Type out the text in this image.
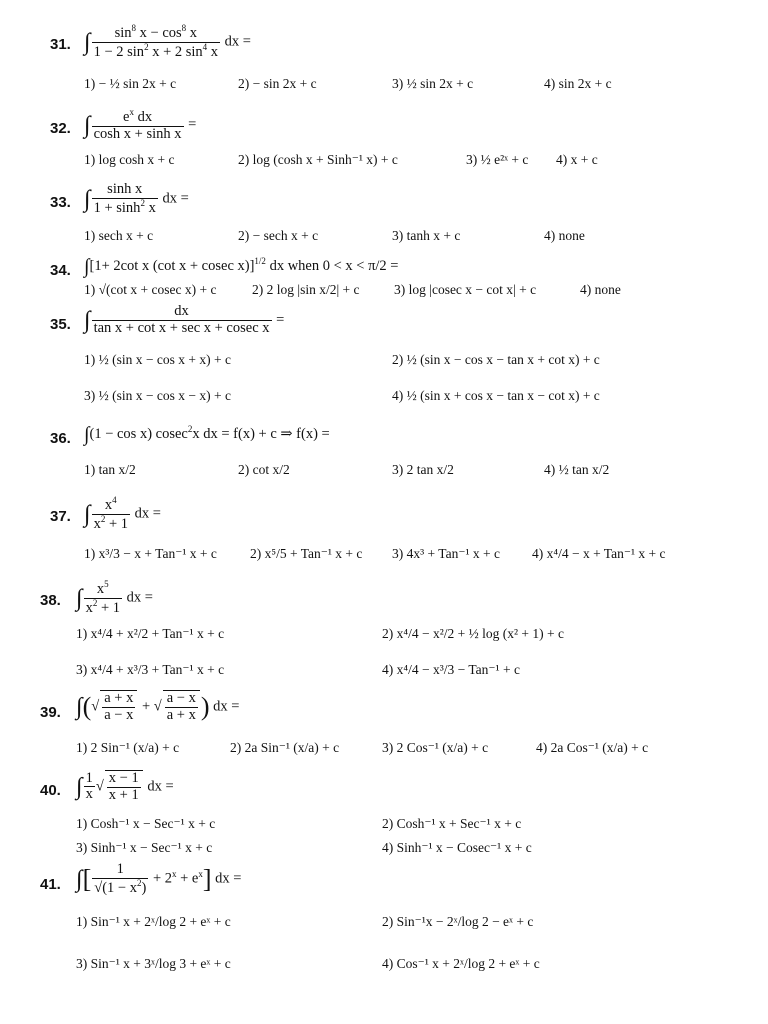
31. ∫ $\frac{\sin^8 x - \cos^8 x}{1 - 2 \sin^2 x + 2 \sin^4 x}$ dx =
1) − ½ sin 2x + c	2) − sin 2x + c	3) ½ sin 2x + c	4) sin 2x + c
32. ∫ $\frac{e^x dx}{\text{cosh x + sinh x}}$ =
1) log cosh x + c	2) log (cosh x + Sinh⁻¹ x) + c	3) ½ e²ˣ + c 4) x + c
33. ∫ $\frac{\text{sinh x}}{1 + \sinh^2 x}$ dx =
1) sech x + c	2) − sech x + c	3) tanh x + c	4) none
34. ∫[1+ 2cot x (cot x + cosec x)]$^{1/2}$ dx when 0 < x < π/2 =
1) √(cot x + cosec x) + c	2) 2 log |sin x/2| + c	3) log |cosec x − cot x| + c	4) none
35. ∫ $\frac{dx}{\text{tan x + cot x + sec x + cosec x}}$ =
1) ½ (sin x − cos x + x) + c	2) ½ (sin x − cos x − tan x + cot x) + c
3) ½ (sin x − cos x − x) + c	4) ½ (sin x + cos x − tan x − cot x) + c
36. ∫(1 − cos x) cosec$^2$x dx = f(x) + c ⇒ f(x) =
1) tan x/2	2) cot x/2	3) 2 tan x/2	4) ½ tan x/2
37. ∫ $\frac{x^4}{x^2 + 1}$ dx =
1) x³/3 − x + Tan⁻¹ x + c 2) x⁵/5 + Tan⁻¹ x + c 3) 4x³ + Tan⁻¹ x + c 4) x⁴/4 − x + Tan⁻¹ x + c
38. ∫ $\frac{x^5}{x^2 + 1}$ dx =
1) x⁴/4 + x²/2 + Tan⁻¹ x + c	2) x⁴/4 − x²/2 + ½ log (x² + 1) + c
3) x⁴/4 + x³/3 + Tan⁻¹ x + c	4) x⁴/4 − x³/3 − Tan⁻¹ + c
39. ∫(√ $\frac{a + x}{a - x}$ + √ $\frac{a - x}{a + x}$ ) dx =
1) 2 Sin⁻¹ (x/a) + c	2) 2a Sin⁻¹ (x/a) + c	3) 2 Cos⁻¹ (x/a) + c	4) 2a Cos⁻¹ (x/a) + c
40. ∫ $\frac{1}{x}$ √ $\frac{x - 1}{x + 1}$ dx =
1) Cosh⁻¹ x − Sec⁻¹ x + c	2) Cosh⁻¹ x + Sec⁻¹ x + c
3) Sinh⁻¹ x − Sec⁻¹ x + c	4) Sinh⁻¹ x − Cosec⁻¹ x + c
41. ∫[ $\frac{1}{√(1 - x^2)} + 2^x + e^x$] dx =
1) Sin⁻¹ x + 2ˣ/log 2 + eˣ + c	2) Sin⁻¹x − 2ˣ/log 2 − eˣ + c
3) Sin⁻¹ x + 3ˣ/log 3 + eˣ + c	4) Cos⁻¹ x + 2ˣ/log 2 + eˣ + c
